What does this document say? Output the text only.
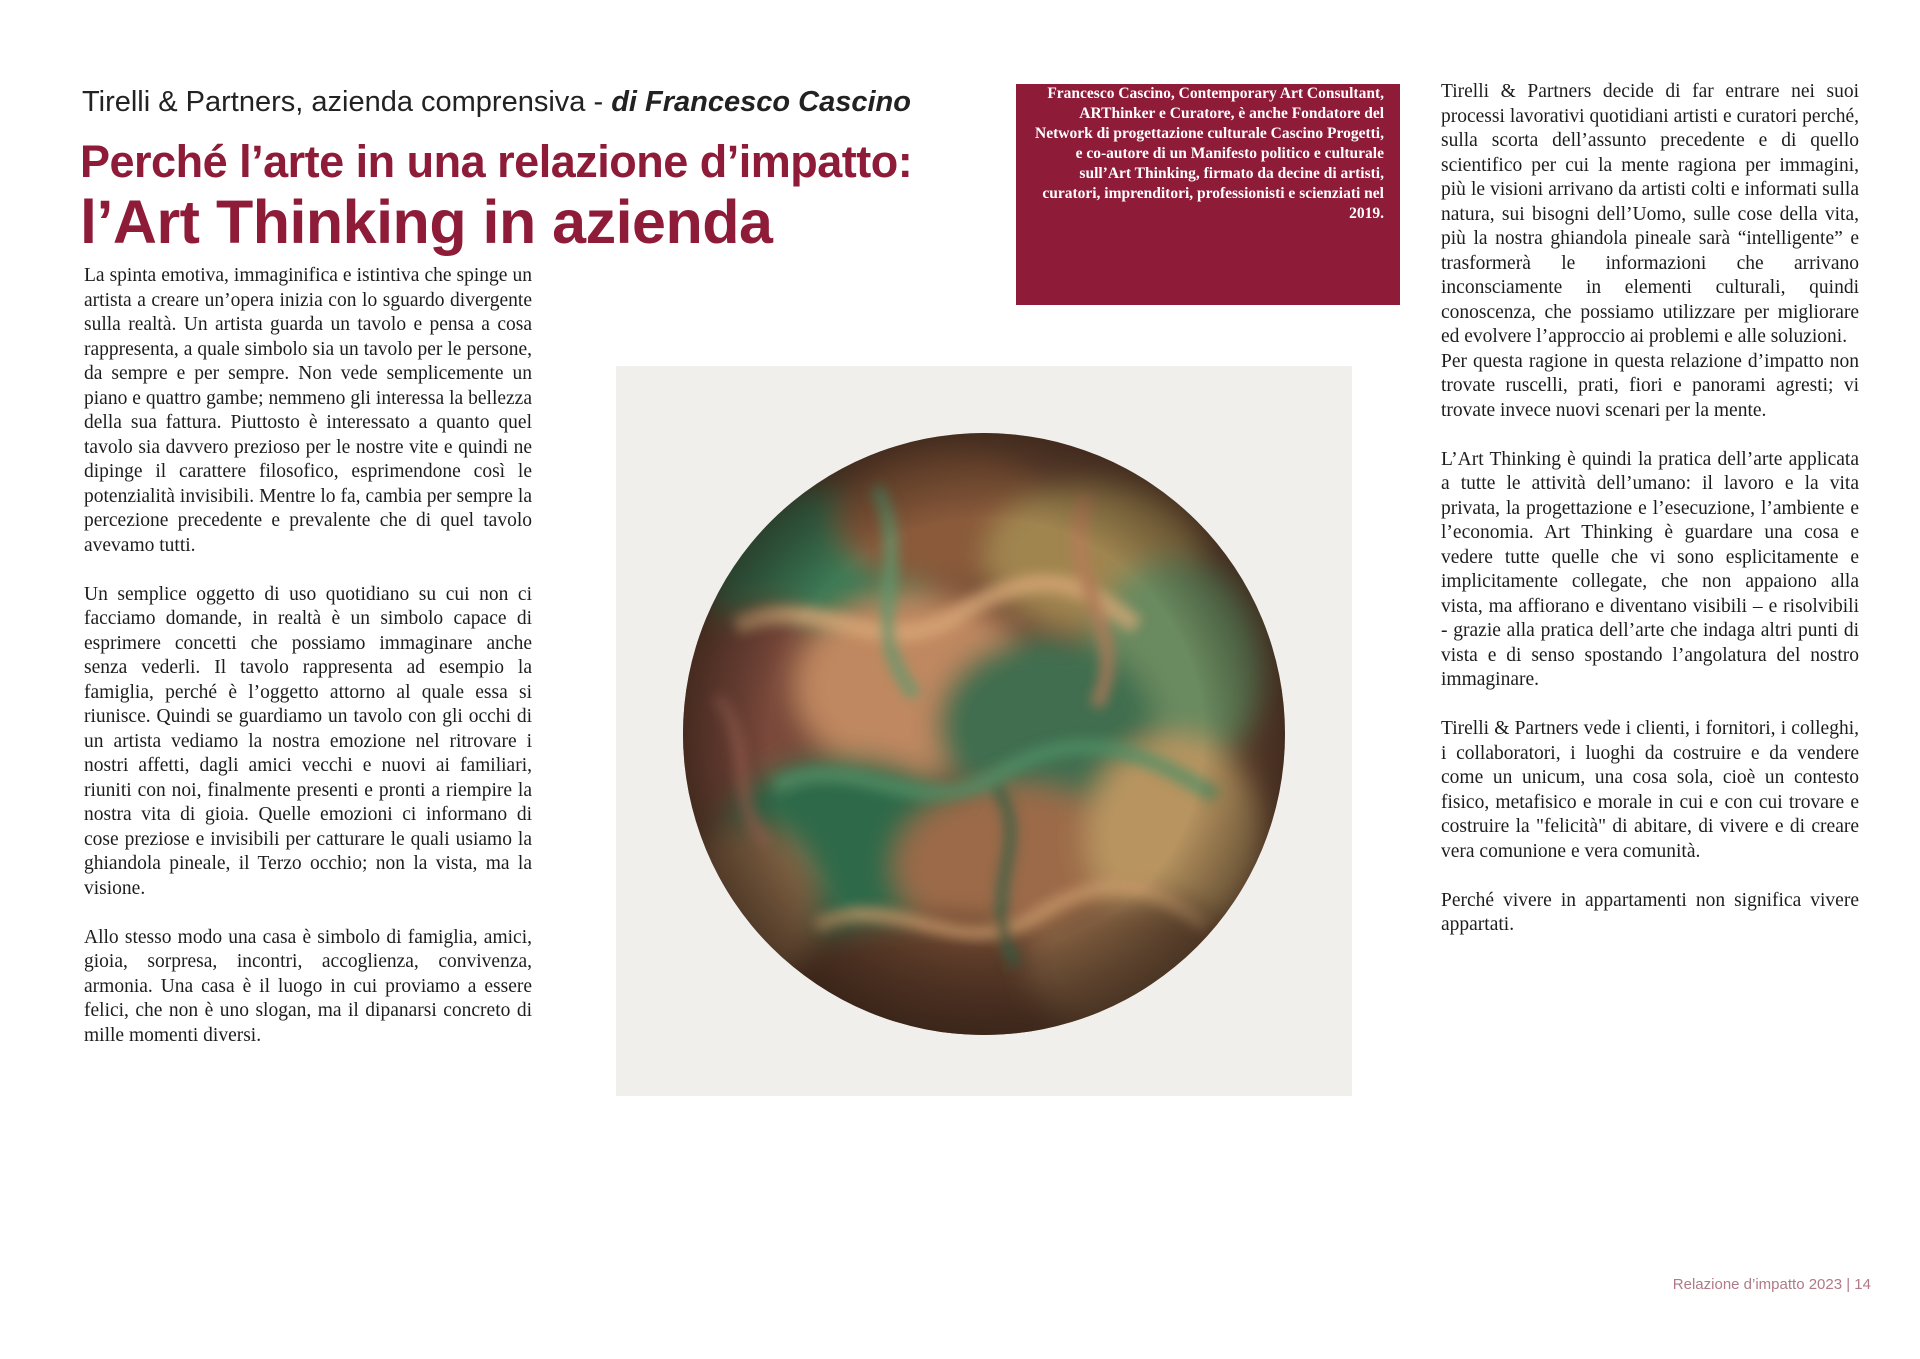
Tirelli & Partners, azienda comprensiva - di Francesco Cascino
Perché l’arte in una relazione d’impatto:
l’Art Thinking in azienda
Francesco Cascino, Contemporary Art Consultant, ARThinker e Curatore, è anche Fondatore del Network di progettazione culturale Cascino Progetti, e co-autore di un Manifesto politico e culturale sull’Art Thinking, firmato da decine di artisti, curatori, imprenditori, professionisti e scienziati nel 2019.

La spinta emotiva, immaginifica e istintiva che spinge un artista a creare un’opera inizia con lo sguardo divergente sulla realtà. Un artista guarda un tavolo e pensa a cosa rappresenta, a quale simbolo sia un tavolo per le persone, da sempre e per sempre. Non vede semplicemente un piano e quattro gambe; nemmeno gli interessa la bellezza della sua fattura. Piuttosto è interessato a quanto quel tavolo sia davvero prezioso per le nostre vite e quindi ne dipinge il carattere filosofico, esprimendone così le potenzialità invisibili. Mentre lo fa, cambia per sempre la percezione precedente e prevalente che di quel tavolo avevamo tutti.

Un semplice oggetto di uso quotidiano su cui non ci facciamo domande, in realtà è un simbolo capace di esprimere concetti che possiamo immaginare anche senza vederli. Il tavolo rappresenta ad esempio la famiglia, perché è l’oggetto attorno al quale essa si riunisce. Quindi se guardiamo un tavolo con gli occhi di un artista vediamo la nostra emozione nel ritrovare i nostri affetti, dagli amici vecchi e nuovi ai familiari, riuniti con noi, finalmente presenti e pronti a riempire la nostra vita di gioia. Quelle emozioni ci informano di cose preziose e invisibili per catturare le quali usiamo la ghiandola pineale, il Terzo occhio; non la vista, ma la visione.

Allo stesso modo una casa è simbolo di famiglia, amici, gioia, sorpresa, incontri, accoglienza, convivenza, armonia. Una casa è il luogo in cui proviamo a essere felici, che non è uno slogan, ma il dipanarsi concreto di mille momenti diversi.

Tirelli & Partners decide di far entrare nei suoi processi lavorativi quotidiani artisti e curatori perché, sulla scorta dell’assunto precedente e di quello scientifico per cui la mente ragiona per immagini, più le visioni arrivano da artisti colti e informati sulla natura, sui bisogni dell’Uomo, sulle cose della vita, più la nostra ghiandola pineale sarà “intelligente” e trasformerà le informazioni che arrivano inconsciamente in elementi culturali, quindi conoscenza, che possiamo utilizzare per migliorare ed evolvere l’approccio ai problemi e alle soluzioni.

Per questa ragione in questa relazione d’impatto non trovate ruscelli, prati, fiori e panorami agresti; vi trovate invece nuovi scenari per la mente.

L’Art Thinking è quindi la pratica dell’arte applicata a tutte le attività dell’umano: il lavoro e la vita privata, la progettazione e l’esecuzione, l’ambiente e l’economia. Art Thinking è guardare una cosa e vedere tutte quelle che vi sono esplicitamente e implicitamente collegate, che non appaiono alla vista, ma affiorano e diventano visibili – e risolvibili - grazie alla pratica dell’arte che indaga altri punti di vista e di senso spostando l’angolatura del nostro immaginare.

Tirelli & Partners vede i clienti, i fornitori, i colleghi, i collaboratori, i luoghi da costruire e da vendere come un unicum, una cosa sola, cioè un contesto fisico, metafisico e morale in cui e con cui trovare e costruire la "felicità" di abitare, di vivere e di creare vera comunione e vera comunità.

Perché vivere in appartamenti non significa vivere appartati.

Relazione d’impatto 2023 | 14
